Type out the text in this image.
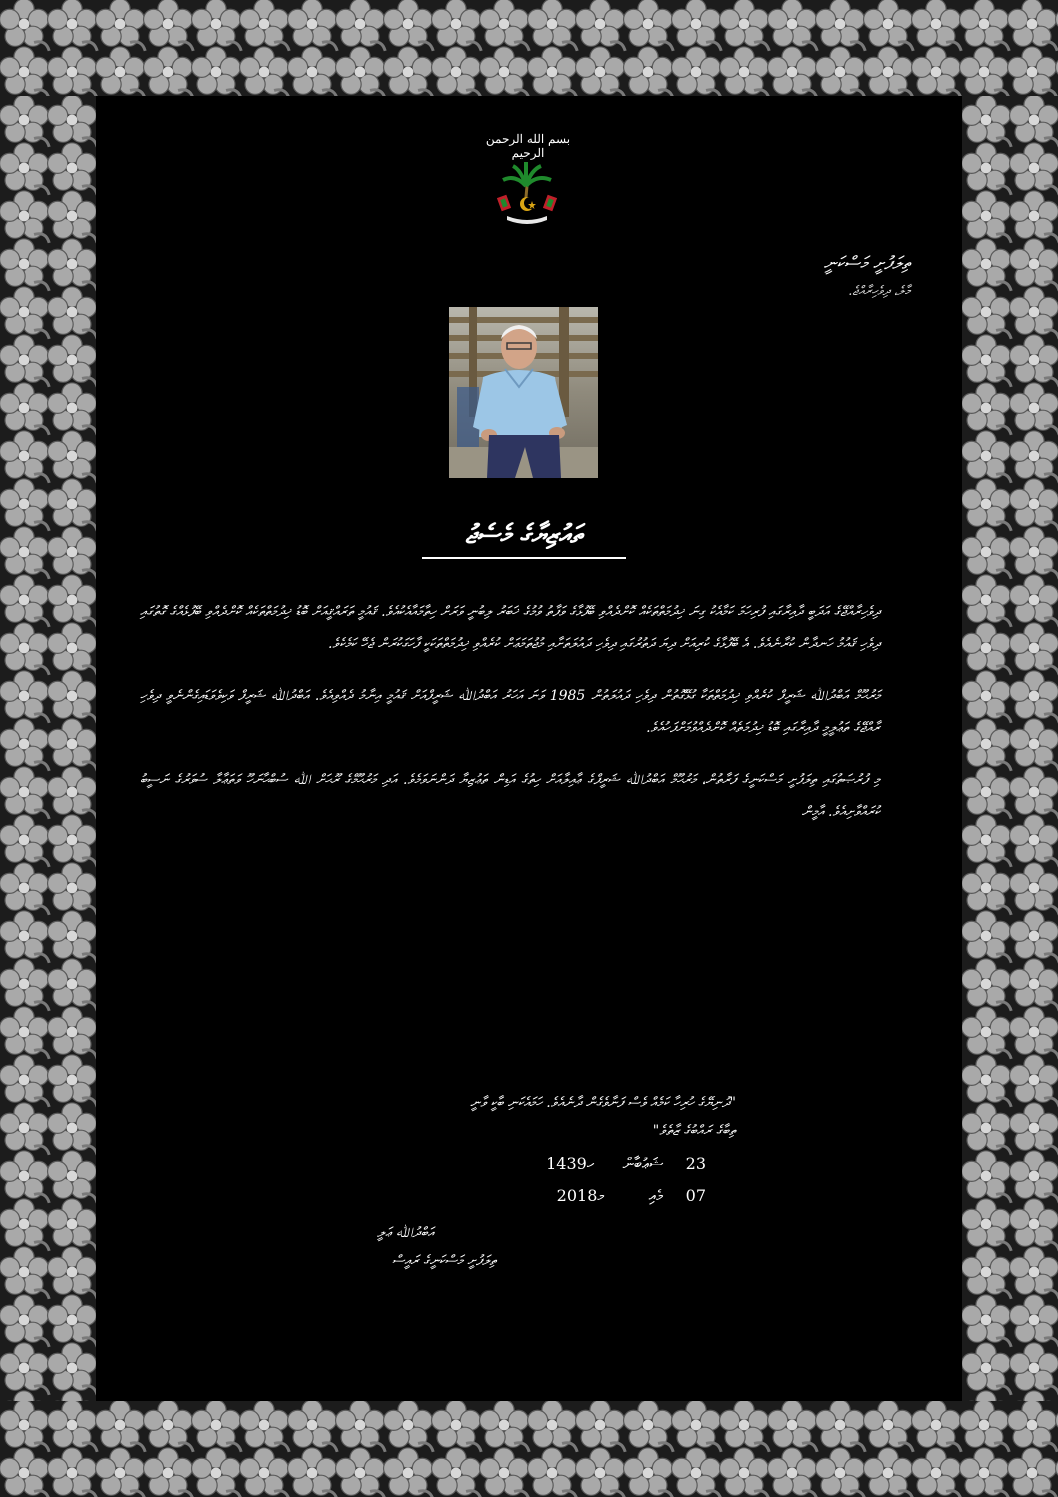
بسم الله الرحمن الرحيم
ތިލަފުށީ މަސްކަނީ
މާލެ، ދިވެހިރާއްޖެ.
ތައުޒިޔާގެ މެސެޖު

ދިވެހިރާއްޖޭގެ އަދަބީ ދާއިރާގައި ފުރިހަމަ ކަމާއެކު ގިނަ ޚިދުމަތްތަކެއް ކޮށްދެއްވި ބޭފުޅާގެ ވަފާތު ވުމުގެ ޚަބަރު ލިބުނީ ވަރަށް ހިތާމައާއެކުއެވެ. ޤައުމީ ތަރައްޤީއަށް ބޮޑު ޚިދުމަތްތަކެއް ކޮށްދެއްވި ބޭފުޅެއްގެ ގޮތުގައި ދިވެހި ޤައުމު ހަނދާން ކުރާނެއެވެ. އެ ބޭފުޅާގެ ކުރިއަށް ދިޔަ ދަތުރުގައި ދިވެހި ދައުލަތަށާއި މުޖުތަމަޢަށް ކުރެއްވި ޚިދުމަތްތަކަކީ ފާހަގަކުރަން ޖެހޭ ކަމެކެވެ.

މަރުޙޫމް އަބްދުﷲ ޝަރީފް ކުރެއްވި ޚިދުމަތްތަކާ ގުޅޭގޮތުން ދިވެހި ދައުލަތުން 1985 ވަނަ އަހަރު އަބްދުﷲ ޝަރީފްއަށް ޤައުމީ އިނާމު ދެއްވިއެވެ. އަބްދުﷲ ޝަރީފް ވަކިވެވަޑައިގެންނެވީ ދިވެހި ރާއްޖޭގެ ތަޢުލީމީ ދާއިރާގައި ބޮޑު ޚިދުމަތެއް ކޮށްދެއްވުމަށްފަހުއެވެ.

މި ފުރުޞަތުގައި ތިލަފުށީ މަސްކަނީގެ ފަރާތުން، މަރުޙޫމް އަބްދުﷲ ޝަރީފްގެ ޢާއިލާއަށް ހިތުގެ އަޑިން ތަޢުޒިޔާ ދަންނަވަމެވެ. އަދި މަރުޙޫމްގެ ރޫޙަށް ﷲ ސުބްޙާނަހޫ ވަތަޢާލާ ސުވަރުގެ ނަސީބު ކުރައްވާށިއެވެ. އާމީން

"ދުނިޔޭގެ ހުރިހާ ކަމެއް ވެސް ފަނާވެގެން ދާނެއެވެ. ހަމައެކަނި ބާކީ ވާނީ
ތިބާގެ ރައްބުގެ ޒާތެވެ"
1439ހ ޝަޢުބާން 23
2018މ	މެއި 07
އަބްދުﷲ ޢަލީ
ތިލަފުށީ މަސްކަނީގެ ރައީސް
